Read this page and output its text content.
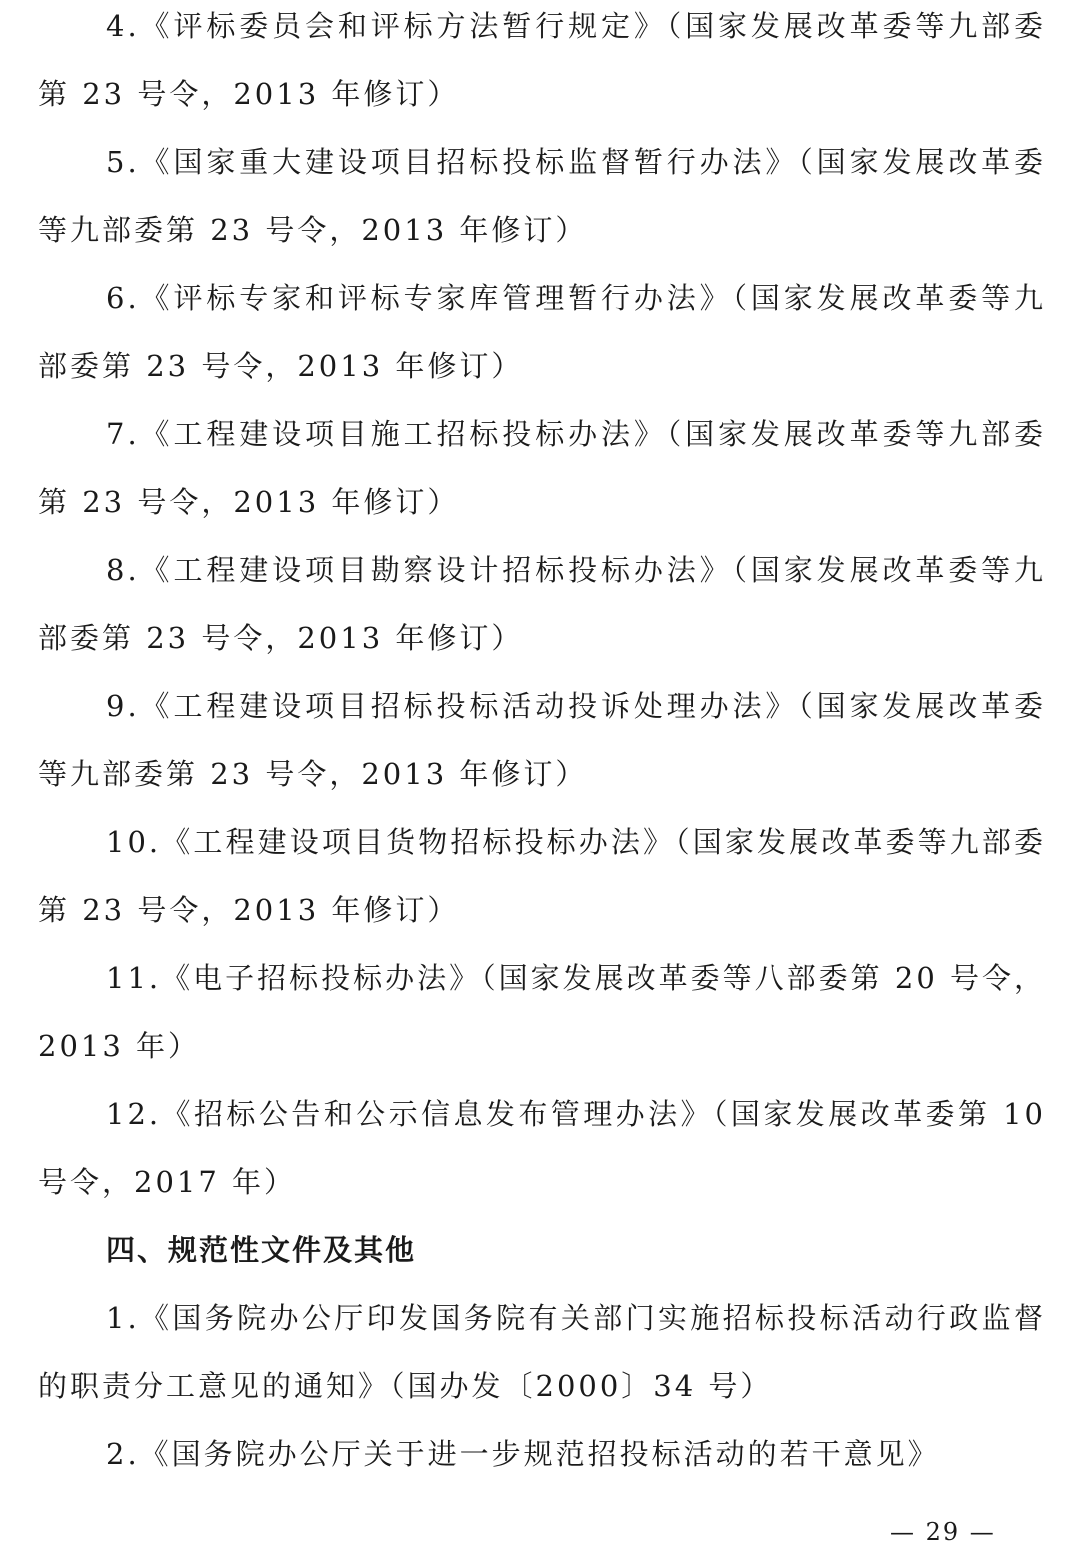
4.《评标委员会和评标方法暂行规定》（国家发展改革委等九部委第 23 号令，2013 年修订）

5.《国家重大建设项目招标投标监督暂行办法》（国家发展改革委等九部委第 23 号令，2013 年修订）

6.《评标专家和评标专家库管理暂行办法》（国家发展改革委等九部委第 23 号令，2013 年修订）

7.《工程建设项目施工招标投标办法》（国家发展改革委等九部委第 23 号令，2013 年修订）

8.《工程建设项目勘察设计招标投标办法》（国家发展改革委等九部委第 23 号令，2013 年修订）

9.《工程建设项目招标投标活动投诉处理办法》（国家发展改革委等九部委第 23 号令，2013 年修订）

10.《工程建设项目货物招标投标办法》（国家发展改革委等九部委第 23 号令，2013 年修订）

11.《电子招标投标办法》（国家发展改革委等八部委第 20 号令，2013 年）

12.《招标公告和公示信息发布管理办法》（国家发展改革委第 10 号令，2017 年）

四、规范性文件及其他

1.《国务院办公厅印发国务院有关部门实施招标投标活动行政监督的职责分工意见的通知》（国办发〔2000〕34 号）

2.《国务院办公厅关于进一步规范招投标活动的若干意见》

— 29 —
